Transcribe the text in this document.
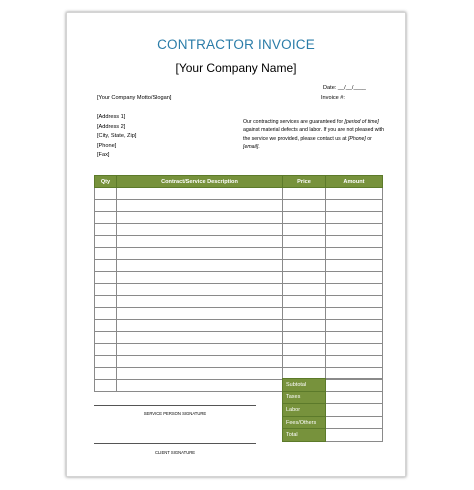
CONTRACTOR INVOICE
[Your Company Name]
Date: __/__/____
Invoice #:
[Your Company Motto/Slogan]
[Address 1]
[Address 2]
[City, State, Zip]
[Phone]
[Fax]
Our contracting services are guaranteed for [period of time] against material defects and labor. If you are not pleased with the service we provided, please contact us at [Phone] or [email].
Qty	Contract/Service Description	Price	Amount

Subtotal	
Taxes	
Labor	
Fees/Others	
Total	
SERVICE PERSON SIGNATURE
CLIENT SIGNATURE
